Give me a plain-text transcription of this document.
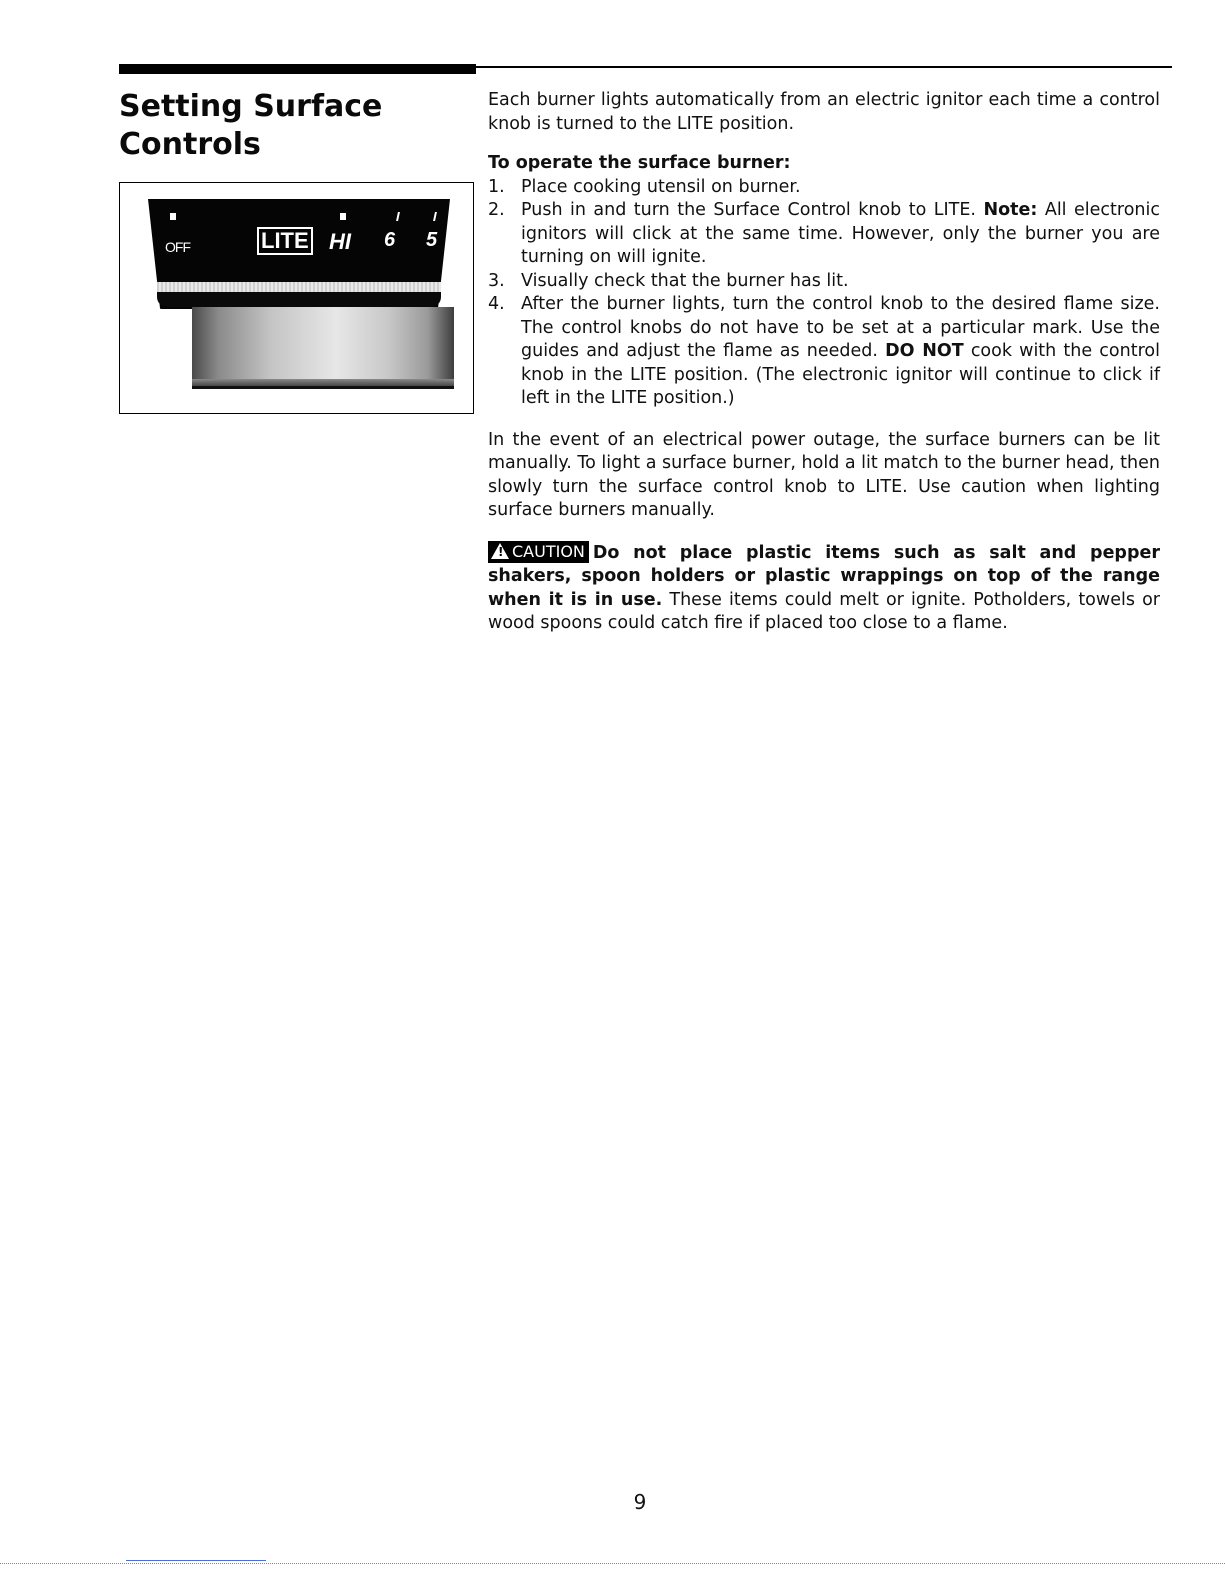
Setting Surface
Controls
OFF	LITE HI 6 5

Each burner lights automatically from an electric ignitor each time a control knob is turned to the LITE position.

To operate the surface burner:

1. Place cooking utensil on burner.
2. Push in and turn the Surface Control knob to LITE. Note: All electronic ignitors will click at the same time. However, only the burner you are turning on will ignite.
3. Visually check that the burner has lit.
4. After the burner lights, turn the control knob to the desired flame size. The control knobs do not have to be set at a particular mark. Use the guides and adjust the flame as needed. DO NOT cook with the control knob in the LITE position. (The electronic ignitor will continue to click if left in the LITE position.)

In the event of an electrical power outage, the surface burners can be lit manually. To light a surface burner, hold a lit match to the burner head, then slowly turn the surface control knob to LITE. Use caution when lighting surface burners manually.

! CAUTION Do not place plastic items such as salt and pepper shakers, spoon holders or plastic wrappings on top of the range when it is in use. These items could melt or ignite. Potholders, towels or wood spoons could catch fire if placed too close to a flame.

9
